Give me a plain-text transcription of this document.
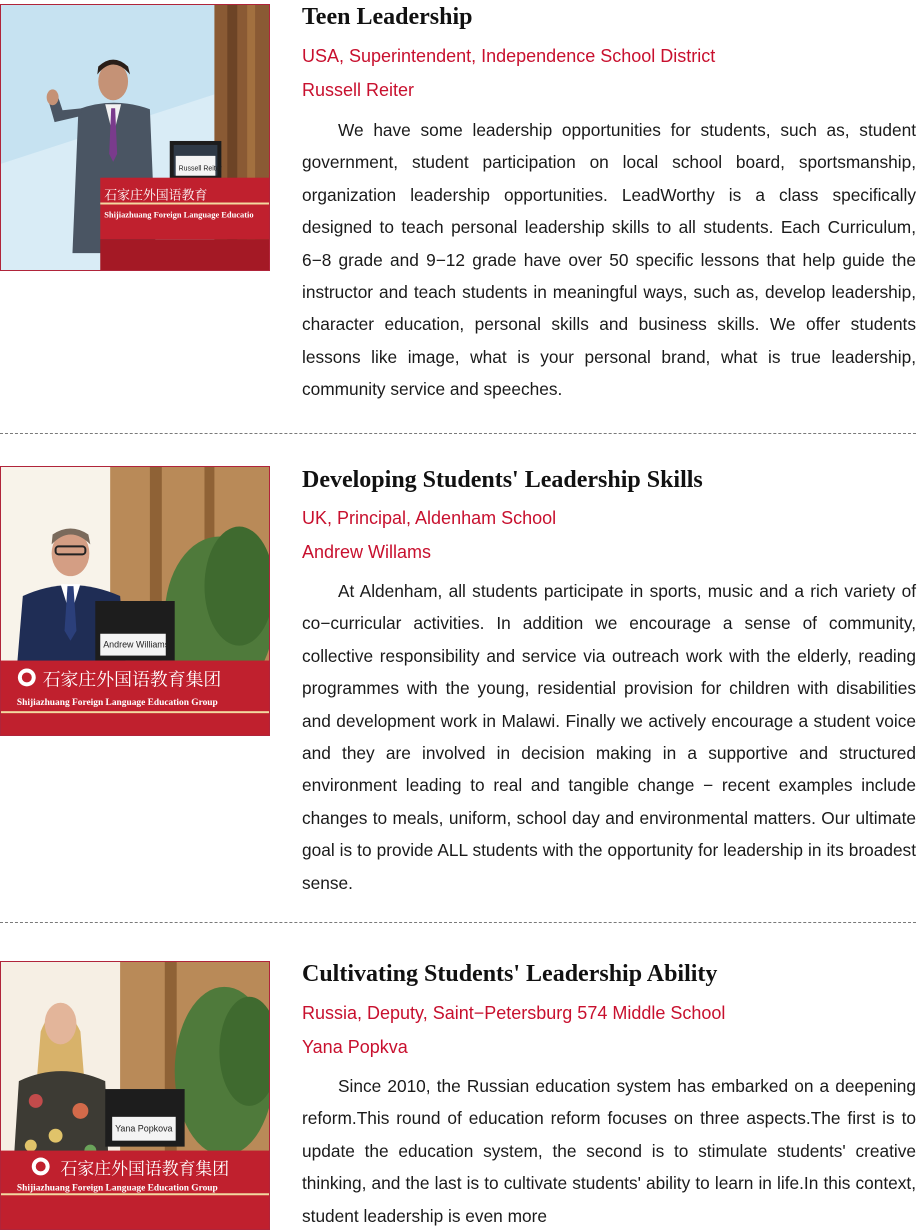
石家庄外国语教育
Shijiazhuang Foreign Language Educatio
Russell Reiter
Teen Leadership
USA, Superintendent, Independence School District
Russell Reiter

We have some leadership opportunities for students, such as, student government, student participation on local school board, sportsmanship, organization leadership opportunities. LeadWorthy is a class specifically designed to teach personal leadership skills to all students. Each Curriculum, 6−8 grade and 9−12 grade have over 50 specific lessons that help guide the instructor and teach students in meaningful ways, such as, develop leadership, character education, personal skills and business skills. We offer students lessons like image, what is your personal brand, what is true leadership, community service and speeches.

Andrew Williams
石家庄外国语教育集团
Shijiazhuang Foreign Language Education Group
Developing Students' Leadership Skills
UK, Principal, Aldenham School
Andrew Willams

At Aldenham, all students participate in sports, music and a rich variety of co−curricular activities. In addition we encourage a sense of community, collective responsibility and service via outreach work with the elderly, reading programmes with the young, residential provision for children with disabilities and development work in Malawi. Finally we actively encourage a student voice and they are involved in decision making in a supportive and structured environment leading to real and tangible change − recent examples include changes to meals, uniform, school day and environmental matters. Our ultimate goal is to provide ALL students with the opportunity for leadership in its broadest sense.

Yana Popkova
石家庄外国语教育集团
Shijiazhuang Foreign Language Education Group
Cultivating Students' Leadership Ability
Russia, Deputy, Saint−Petersburg 574 Middle School
Yana Popkva

Since 2010, the Russian education system has embarked on a deepening reform.This round of education reform focuses on three aspects.The first is to update the education system, the second is to stimulate students' creative thinking, and the last is to cultivate students' ability to learn in life.In this context, student leadership is even more
